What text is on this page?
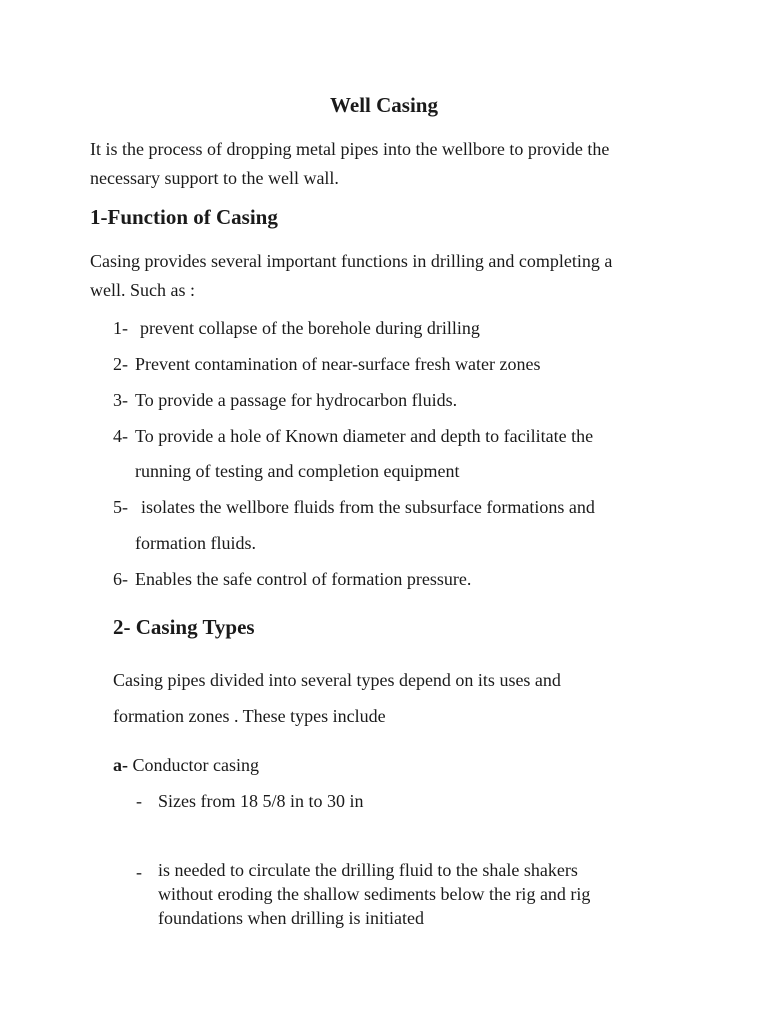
Well Casing
It is the process of dropping metal pipes into the wellbore to provide the
necessary support to the well wall.
1-Function of Casing
Casing provides several important functions in drilling and completing a
well. Such as :
1- prevent collapse of the borehole during drilling
2- Prevent contamination of near-surface fresh water zones
3- To provide a passage for hydrocarbon fluids.
4- To provide a hole of Known diameter and depth to facilitate the
running of testing and completion equipment
5- isolates the wellbore fluids from the subsurface formations and
formation fluids.
6- Enables the safe control of formation pressure.
2- Casing Types
Casing pipes divided into several types depend on its uses and
formation zones . These types include
a- Conductor casing
- Sizes from 18 5/8 in to 30 in
- is needed to circulate the drilling fluid to the shale shakers
without eroding the shallow sediments below the rig and rig
foundations when drilling is initiated
